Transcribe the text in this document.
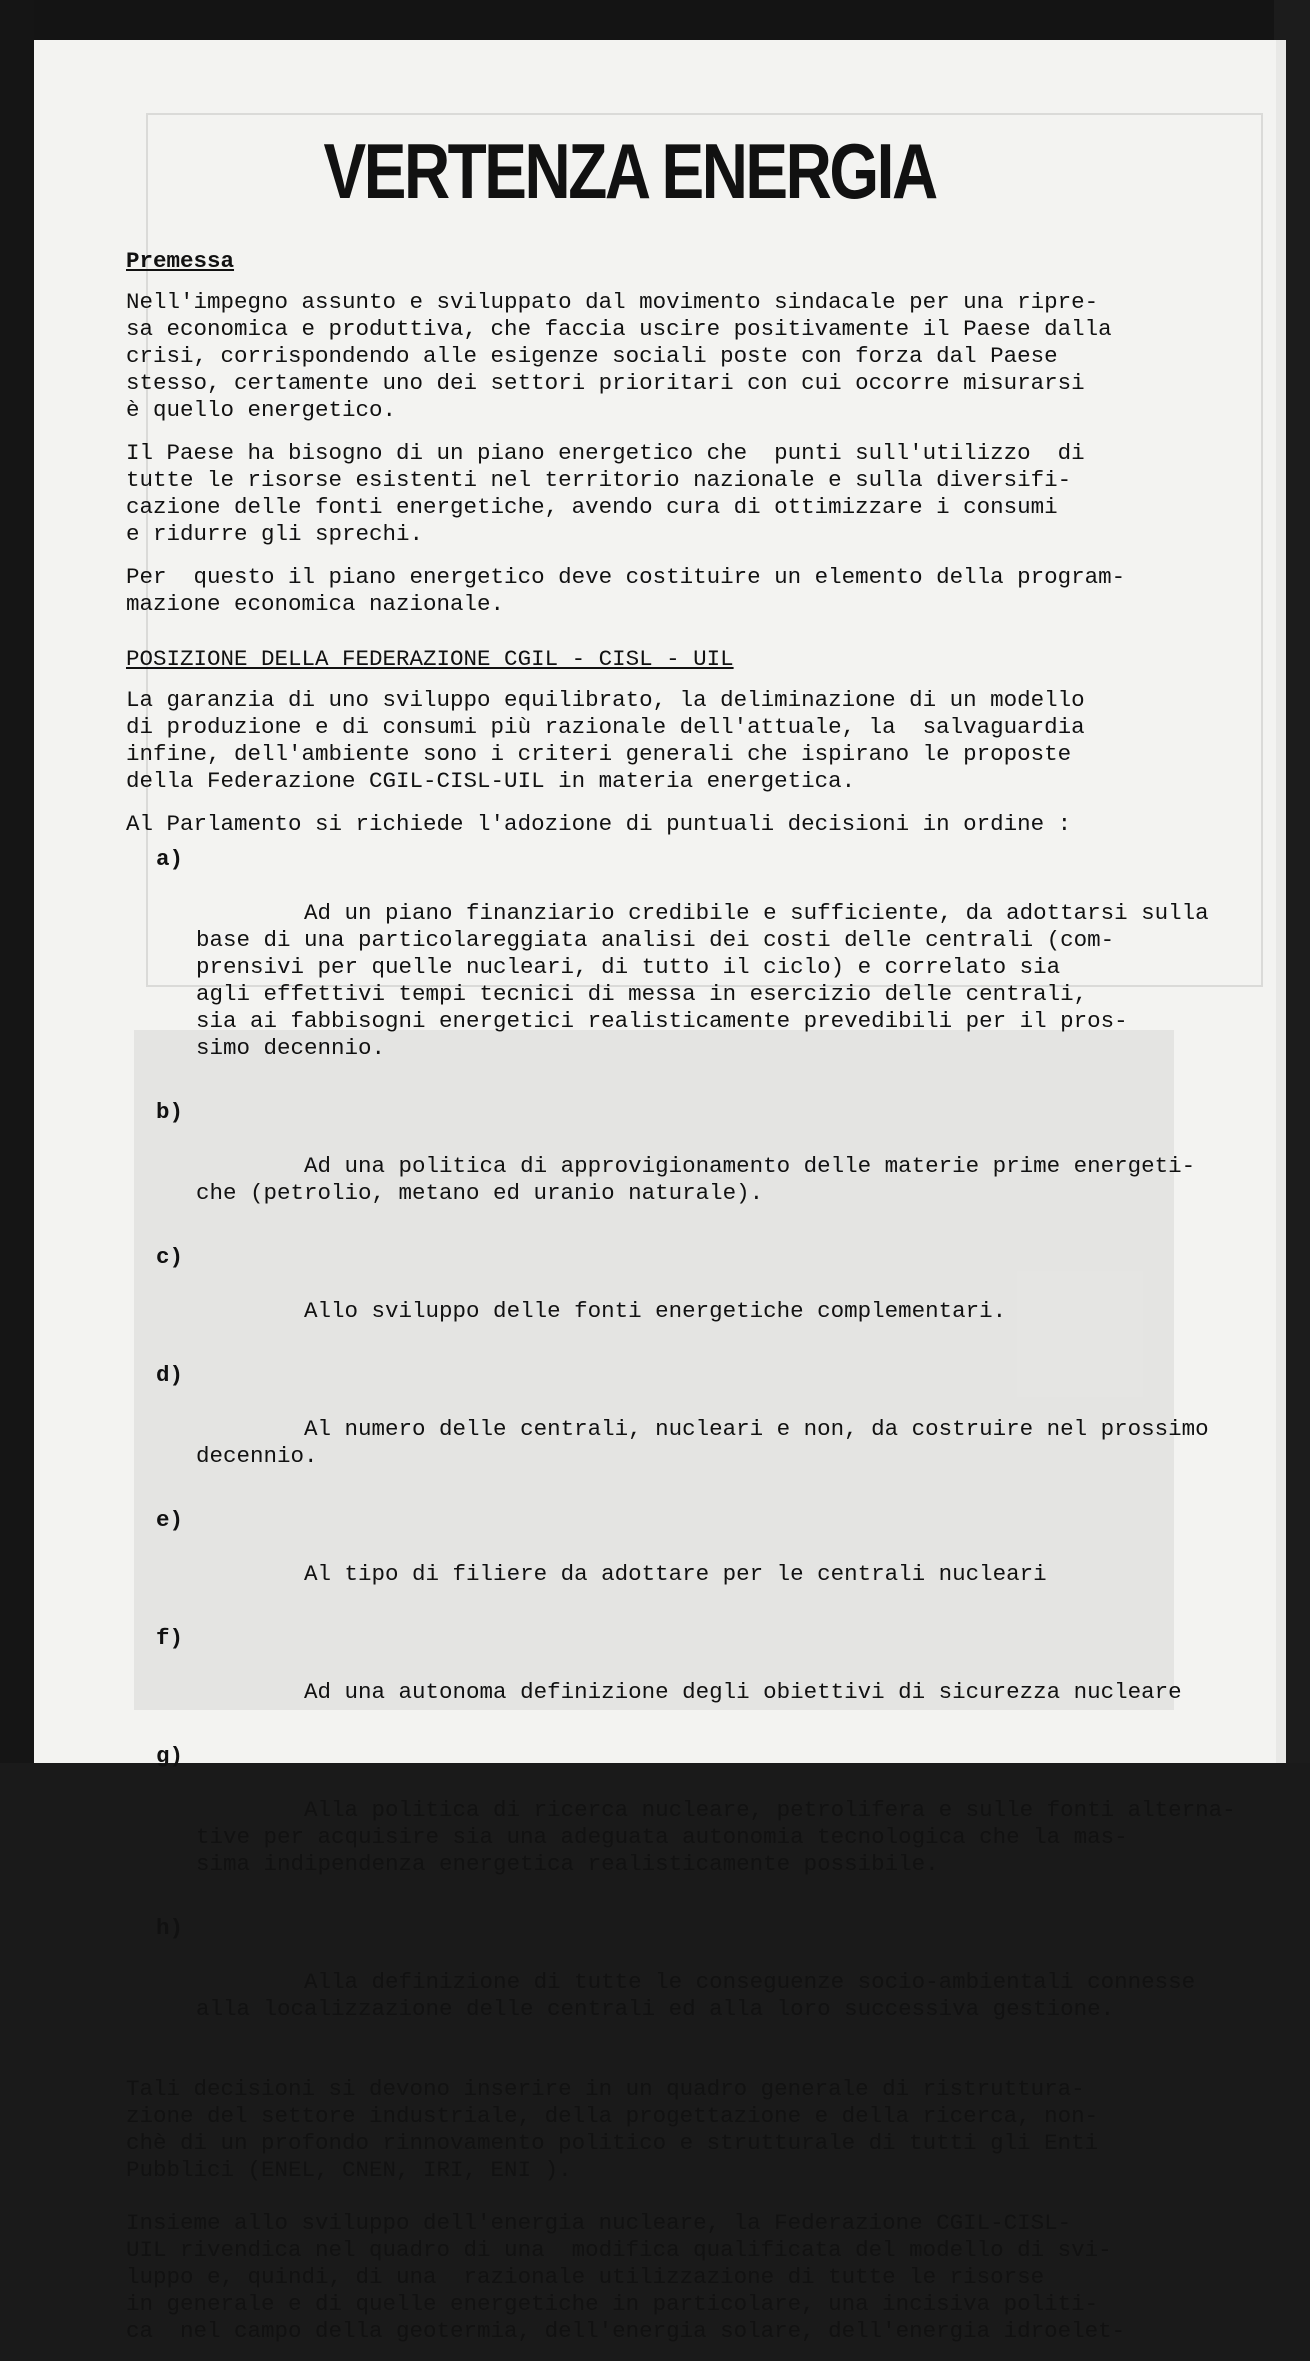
VERTENZA ENERGIA
Premessa
Nell'impegno assunto e sviluppato dal movimento sindacale per una ripre-
sa economica e produttiva, che faccia uscire positivamente il Paese dalla
crisi, corrispondendo alle esigenze sociali poste con forza dal Paese
stesso, certamente uno dei settori prioritari con cui occorre misurarsi
è quello energetico.
Il Paese ha bisogno di un piano energetico che  punti sull'utilizzo  di
tutte le risorse esistenti nel territorio nazionale e sulla diversifi-
cazione delle fonti energetiche, avendo cura di ottimizzare i consumi
e ridurre gli sprechi.
Per  questo il piano energetico deve costituire un elemento della program-
mazione economica nazionale.
POSIZIONE DELLA FEDERAZIONE CGIL - CISL - UIL
La garanzia di uno sviluppo equilibrato, la deliminazione di un modello
di produzione e di consumi più razionale dell'attuale, la  salvaguardia
infine, dell'ambiente sono i criteri generali che ispirano le proposte
della Federazione CGIL-CISL-UIL in materia energetica.
Al Parlamento si richiede l'adozione di puntuali decisioni in ordine :

a)

Ad un piano finanziario credibile e sufficiente, da adottarsi sulla
base di una particolareggiata analisi dei costi delle centrali (com-
prensivi per quelle nucleari, di tutto il ciclo) e correlato sia
agli effettivi tempi tecnici di messa in esercizio delle centrali,
sia ai fabbisogni energetici realisticamente prevedibili per il pros-
simo decennio.

b)

Ad una politica di approvigionamento delle materie prime energeti-
che (petrolio, metano ed uranio naturale).

c)

Allo sviluppo delle fonti energetiche complementari.

d)

Al numero delle centrali, nucleari e non, da costruire nel prossimo
decennio.

e)

Al tipo di filiere da adottare per le centrali nucleari

f)

Ad una autonoma definizione degli obiettivi di sicurezza nucleare

g)

Alla politica di ricerca nucleare, petrolifera e sulle fonti alterna-
tive per acquisire sia una adeguata autonomia tecnologica che la mas-
sima indipendenza energetica realisticamente possibile.

h)

Alla definizione di tutte le conseguenze socio-ambientali connesse
alla localizzazione delle centrali ed alla loro successiva gestione.

Tali decisioni si devono inserire in un quadro generale di ristruttura-
zione del settore industriale, della progettazione e della ricerca, non-
chè di un profondo rinnovamento politico e strutturale di tutti gli Enti
Pubblici (ENEL, CNEN, IRI, ENI ).
Insieme allo sviluppo dell'energia nucleare, la Federazione CGIL-CISL-
UIL rivendica nel quadro di una  modifica qualificata del modello di svi-
luppo e, quindi, di una  razionale utilizzazione di tutte le risorse
in generale e di quelle energetiche in particolare, una incisiva politi-
ca  nel campo della geotermia, dell'energia solare, dell'energia idroelet-
